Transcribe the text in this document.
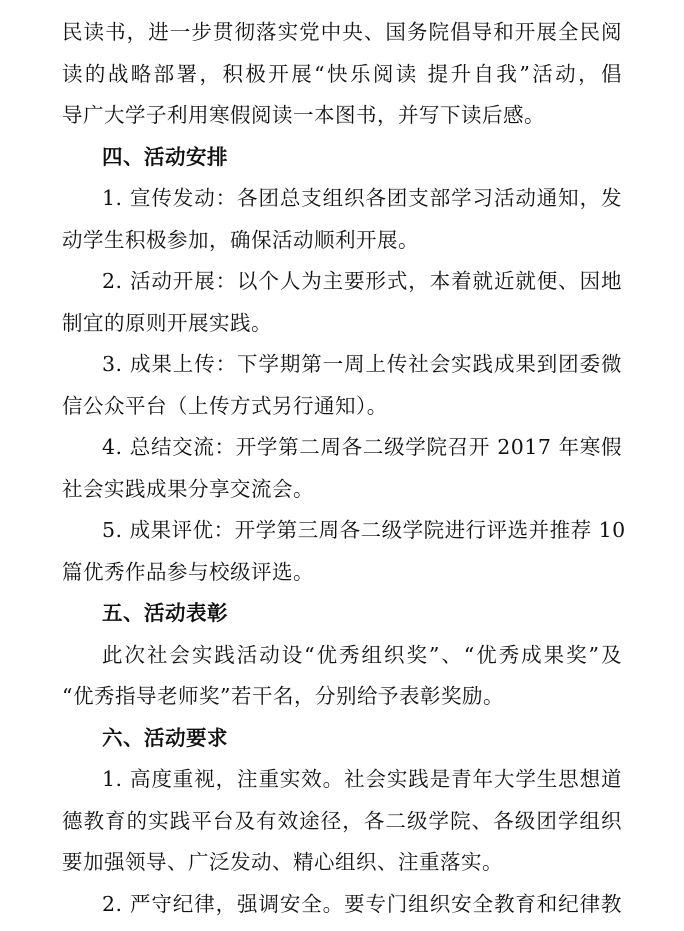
民读书，进一步贯彻落实党中央、国务院倡导和开展全民阅
读的战略部署，积极开展“快乐阅读 提升自我”活动，倡
导广大学子利用寒假阅读一本图书，并写下读后感。
四、活动安排
1. 宣传发动：各团总支组织各团支部学习活动通知，发
动学生积极参加，确保活动顺利开展。
2. 活动开展：以个人为主要形式，本着就近就便、因地
制宜的原则开展实践。
3. 成果上传：下学期第一周上传社会实践成果到团委微
信公众平台（上传方式另行通知）。
4. 总结交流：开学第二周各二级学院召开 2017 年寒假
社会实践成果分享交流会。
5. 成果评优：开学第三周各二级学院进行评选并推荐 10
篇优秀作品参与校级评选。
五、活动表彰
此次社会实践活动设“优秀组织奖”、“优秀成果奖”及
“优秀指导老师奖”若干名，分别给予表彰奖励。
六、活动要求
1. 高度重视，注重实效。社会实践是青年大学生思想道
德教育的实践平台及有效途径，各二级学院、各级团学组织
要加强领导、广泛发动、精心组织、注重落实。
2. 严守纪律，强调安全。要专门组织安全教育和纪律教
